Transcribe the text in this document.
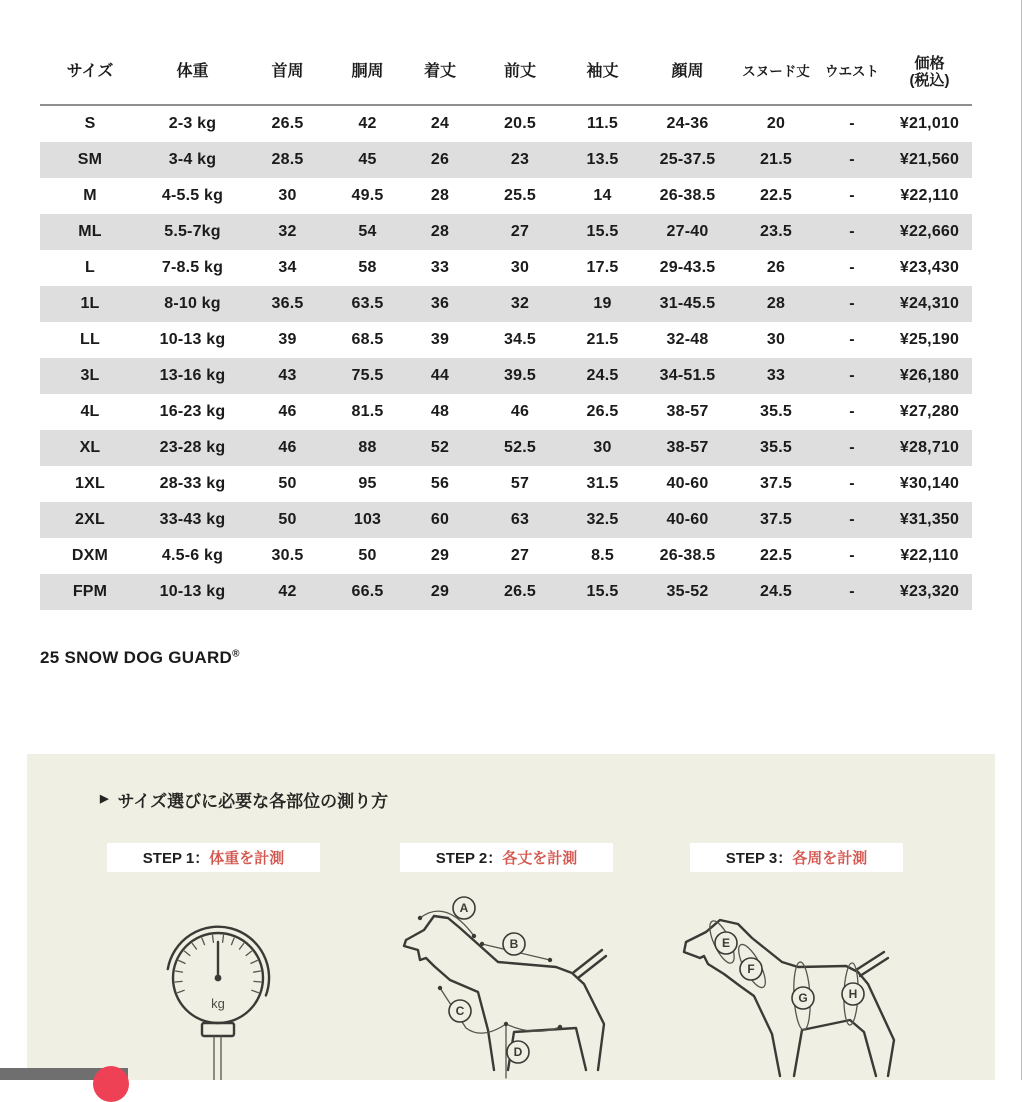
サイズ	体重	首周	胴周	着丈	前丈	袖丈	顔周	スヌード丈	ウエスト	価格
(税込)
S	2-3 kg	26.5	42	24	20.5	11.5	24-36	20	-	¥21,010
SM	3-4 kg	28.5	45	26	23	13.5	25-37.5	21.5	-	¥21,560
M	4-5.5 kg	30	49.5	28	25.5	14	26-38.5	22.5	-	¥22,110
ML	5.5-7kg	32	54	28	27	15.5	27-40	23.5	-	¥22,660
L	7-8.5 kg	34	58	33	30	17.5	29-43.5	26	-	¥23,430
1L	8-10 kg	36.5	63.5	36	32	19	31-45.5	28	-	¥24,310
LL	10-13 kg	39	68.5	39	34.5	21.5	32-48	30	-	¥25,190
3L	13-16 kg	43	75.5	44	39.5	24.5	34-51.5	33	-	¥26,180
4L	16-23 kg	46	81.5	48	46	26.5	38-57	35.5	-	¥27,280
XL	23-28 kg	46	88	52	52.5	30	38-57	35.5	-	¥28,710
1XL	28-33 kg	50	95	56	57	31.5	40-60	37.5	-	¥30,140
2XL	33-43 kg	50	103	60	63	32.5	40-60	37.5	-	¥31,350
DXM	4.5-6 kg	30.5	50	29	27	8.5	26-38.5	22.5	-	¥22,110
FPM	10-13 kg	42	66.5	29	26.5	15.5	35-52	24.5	-	¥23,320
25 SNOW DOG GUARD®
▶ サイズ選びに必要な各部位の測り方
STEP 1： 体重を計測	STEP 2： 各丈を計測	STEP 3： 各周を計測
kg
A
B
C
D
E
F
G	H
